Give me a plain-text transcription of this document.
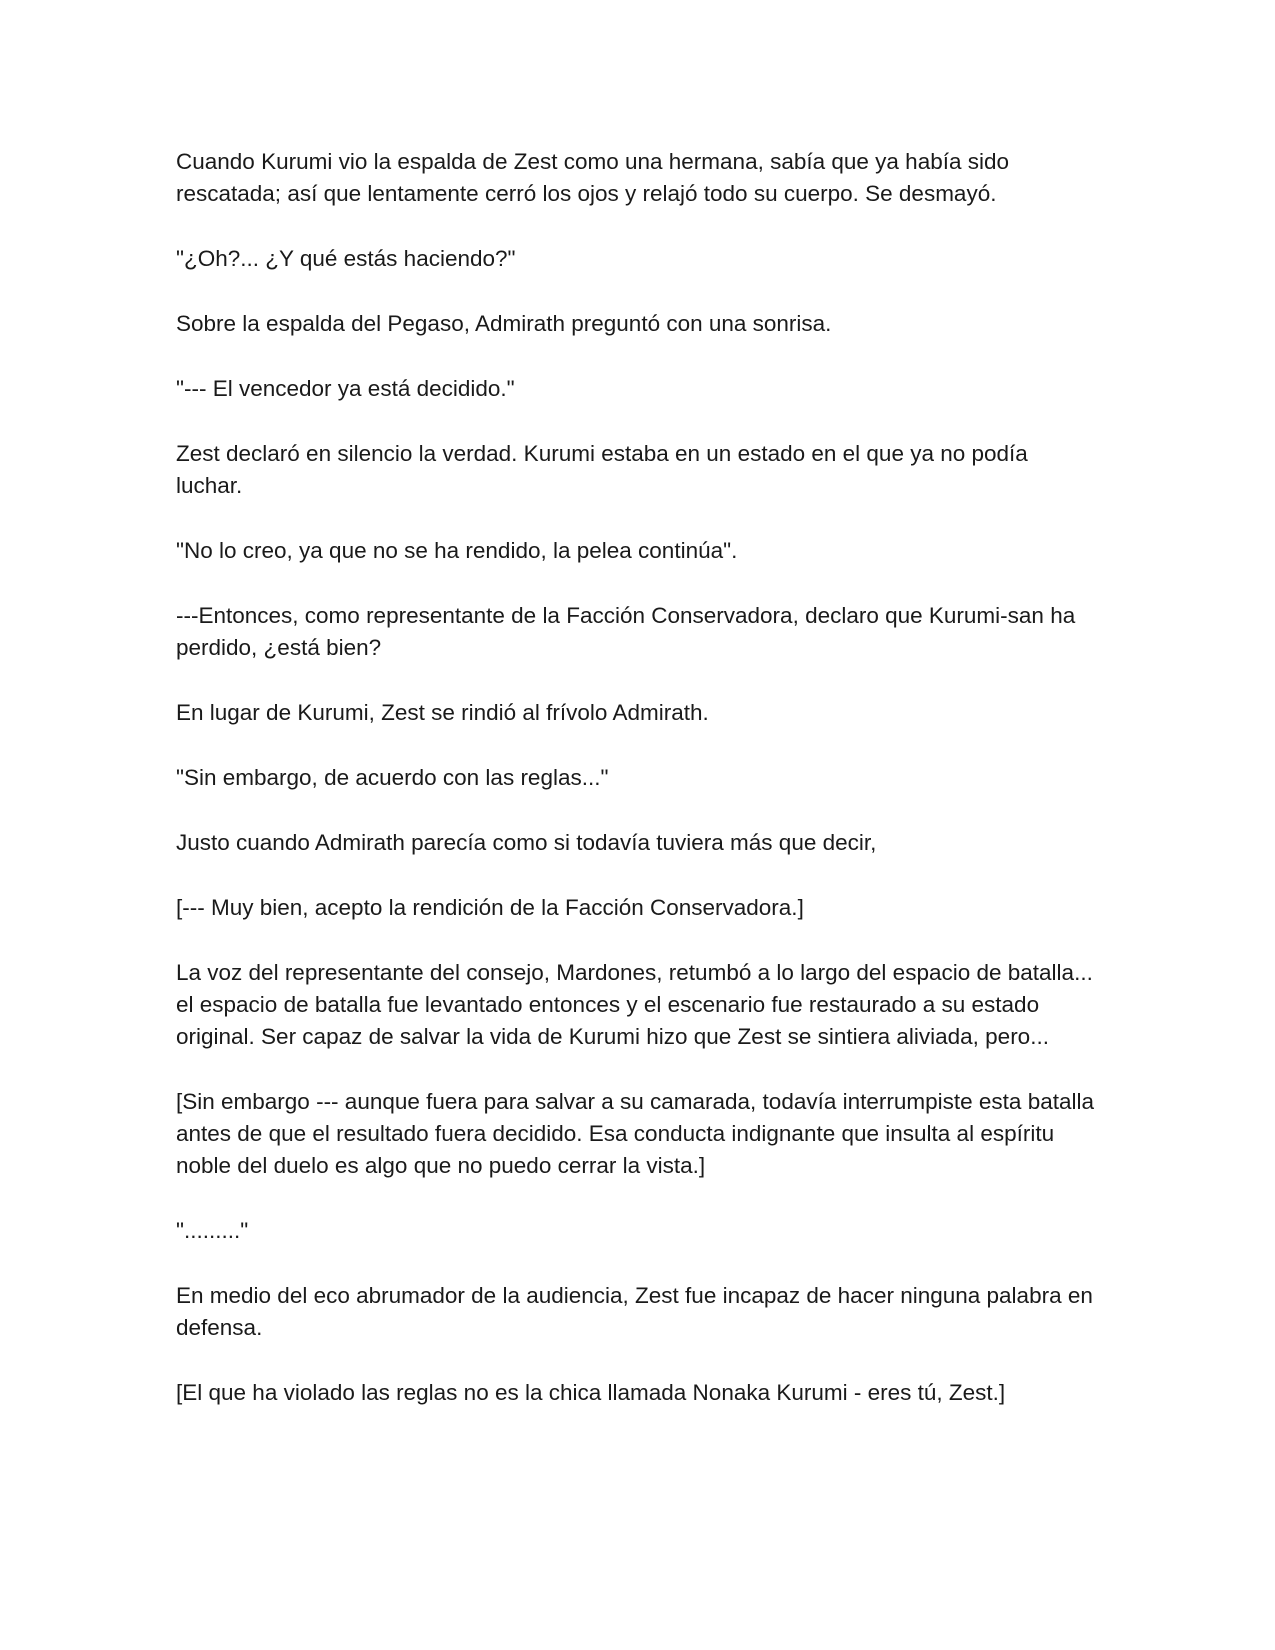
Cuando Kurumi vio la espalda de Zest como una hermana, sabía que ya había sido rescatada; así que lentamente cerró los ojos y relajó todo su cuerpo. Se desmayó.

"¿Oh?... ¿Y qué estás haciendo?"

Sobre la espalda del Pegaso, Admirath preguntó con una sonrisa.

"--- El vencedor ya está decidido."

Zest declaró en silencio la verdad. Kurumi estaba en un estado en el que ya no podía luchar.

"No lo creo, ya que no se ha rendido, la pelea continúa".

---Entonces, como representante de la Facción Conservadora, declaro que Kurumi-san ha perdido, ¿está bien?

En lugar de Kurumi, Zest se rindió al frívolo Admirath.

"Sin embargo, de acuerdo con las reglas..."

Justo cuando Admirath parecía como si todavía tuviera más que decir,

[--- Muy bien, acepto la rendición de la Facción Conservadora.]

La voz del representante del consejo, Mardones, retumbó a lo largo del espacio de batalla... el espacio de batalla fue levantado entonces y el escenario fue restaurado a su estado original. Ser capaz de salvar la vida de Kurumi hizo que Zest se sintiera aliviada, pero...

[Sin embargo --- aunque fuera para salvar a su camarada, todavía interrumpiste esta batalla antes de que el resultado fuera decidido. Esa conducta indignante que insulta al espíritu noble del duelo es algo que no puedo cerrar la vista.]

"........."

En medio del eco abrumador de la audiencia, Zest fue incapaz de hacer ninguna palabra en defensa.

[El que ha violado las reglas no es la chica llamada Nonaka Kurumi - eres tú, Zest.]
